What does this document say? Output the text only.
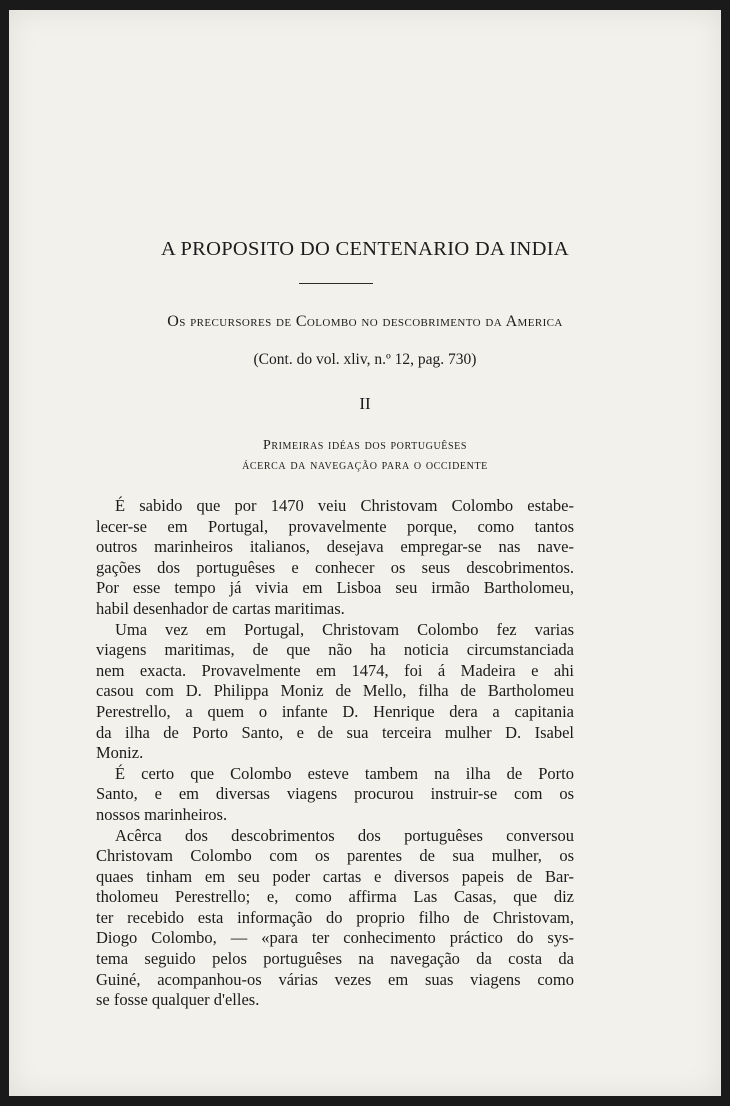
A PROPOSITO DO CENTENARIO DA INDIA
Os precursores de Colombo no descobrimento da America
(Cont. do vol. xliv, n.º 12, pag. 730)
II
Primeiras idéas dos portuguêses
ácerca da navegação para o occidente

É sabido que por 1470 veiu Christovam Colombo estabe-

lecer-se em Portugal, provavelmente porque, como tantos

outros marinheiros italianos, desejava empregar-se nas nave-

gações dos portuguêses e conhecer os seus descobrimentos.

Por esse tempo já vivia em Lisboa seu irmão Bartholomeu,

habil desenhador de cartas maritimas.

Uma vez em Portugal, Christovam Colombo fez varias

viagens maritimas, de que não ha noticia circumstanciada

nem exacta. Provavelmente em 1474, foi á Madeira e ahi

casou com D. Philippa Moniz de Mello, filha de Bartholomeu

Perestrello, a quem o infante D. Henrique dera a capitania

da ilha de Porto Santo, e de sua terceira mulher D. Isabel

Moniz.

É certo que Colombo esteve tambem na ilha de Porto

Santo, e em diversas viagens procurou instruir-se com os

nossos marinheiros.

Acêrca dos descobrimentos dos portuguêses conversou

Christovam Colombo com os parentes de sua mulher, os

quaes tinham em seu poder cartas e diversos papeis de Bar-

tholomeu Perestrello; e, como affirma Las Casas, que diz

ter recebido esta informação do proprio filho de Christovam,

Diogo Colombo, — «para ter conhecimento práctico do sys-

tema seguido pelos portuguêses na navegação da costa da

Guiné, acompanhou-os várias vezes em suas viagens como

se fosse qualquer d'elles.
